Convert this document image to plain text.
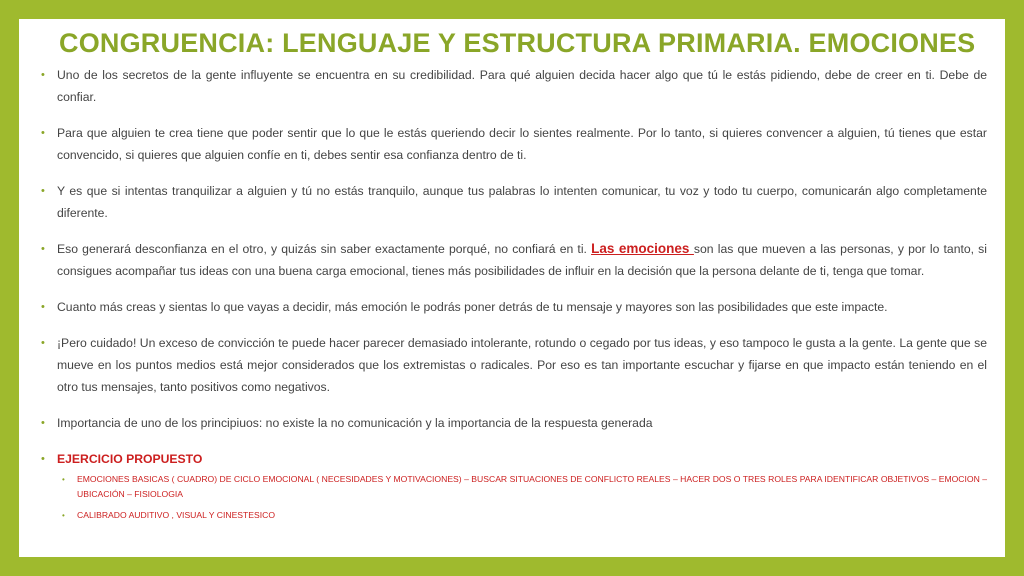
CONGRUENCIA: LENGUAJE Y ESTRUCTURA PRIMARIA. EMOCIONES
• Uno de los secretos de la gente influyente se encuentra en su credibilidad. Para qué alguien decida hacer algo que tú le estás pidiendo, debe de creer en ti. Debe de confiar.
• Para que alguien te crea tiene que poder sentir que lo que le estás queriendo decir lo sientes realmente. Por lo tanto, si quieres convencer a alguien, tú tienes que estar convencido, si quieres que alguien confíe en ti, debes sentir esa confianza dentro de ti.
• Y es que si intentas tranquilizar a alguien y tú no estás tranquilo, aunque tus palabras lo intenten comunicar, tu voz y todo tu cuerpo, comunicarán algo completamente diferente.
• Eso generará desconfianza en el otro, y quizás sin saber exactamente porqué, no confiará en ti. Las emociones son las que mueven a las personas, y por lo tanto, si consigues acompañar tus ideas con una buena carga emocional, tienes más posibilidades de influir en la decisión que la persona delante de ti, tenga que tomar.
• Cuanto más creas y sientas lo que vayas a decidir, más emoción le podrás poner detrás de tu mensaje y mayores son las posibilidades que este impacte.
• ¡Pero cuidado! Un exceso de convicción te puede hacer parecer demasiado intolerante, rotundo o cegado por tus ideas, y eso tampoco le gusta a la gente. La gente que se mueve en los puntos medios está mejor considerados que los extremistas o radicales. Por eso es tan importante escuchar y fijarse en que impacto están teniendo en el otro tus mensajes, tanto positivos como negativos.
• Importancia de uno de los principiuos: no existe la no comunicación y la importancia de la respuesta generada
• EJERCICIO PROPUESTO
• EMOCIONES BASICAS ( CUADRO) DE CICLO EMOCIONAL ( NECESIDADES Y MOTIVACIONES) – BUSCAR SITUACIONES DE CONFLICTO REALES – HACER DOS O TRES ROLES PARA IDENTIFICAR OBJETIVOS – EMOCION – UBICACIÓN – FISIOLOGIA
• CALIBRADO AUDITIVO , VISUAL Y CINESTESICO
